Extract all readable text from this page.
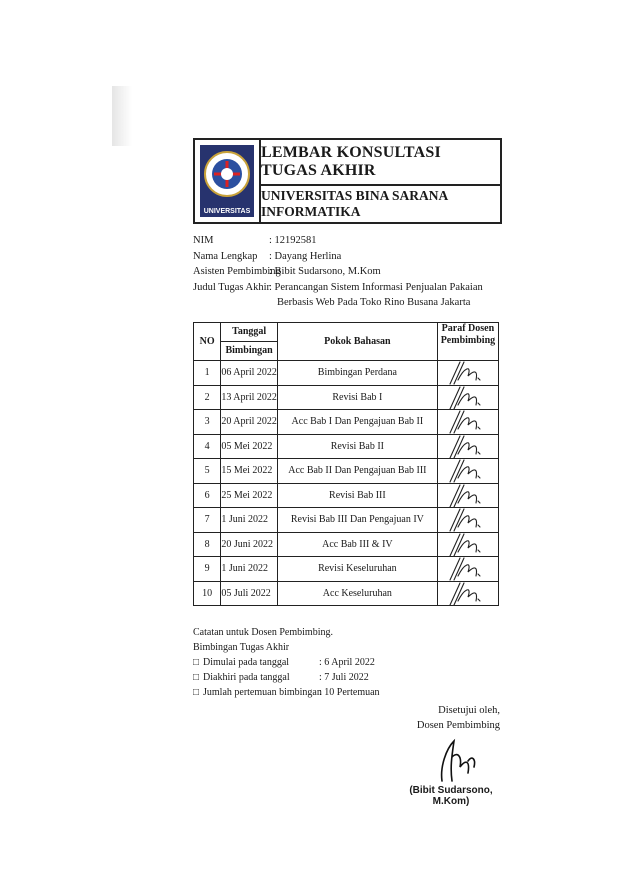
UNIVERSITAS
LEMBAR KONSULTASI TUGAS AKHIR
UNIVERSITAS BINA SARANA INFORMATIKA
NIM	: 12192581
Nama Lengkap	: Dayang Herlina
Asisten Pembimbing
: Bibit Sudarsono, M.Kom
Judul Tugas Akhir
: Perancangan Sistem Informasi Penjualan Pakaian
Berbasis Web Pada Toko Rino Busana Jakarta
NO	Tanggal
Bimbingan	Pokok Bahasan	Paraf Dosen
Pembimbing
1	06 April 2022	Bimbingan Perdana	

2	13 April 2022	Revisi Bab I	

3	20 April 2022	Acc Bab I Dan Pengajuan Bab II	

4	05 Mei 2022	Revisi Bab II	

5	15 Mei 2022	Acc Bab II Dan Pengajuan Bab III	

6	25 Mei 2022	Revisi Bab III	

7	1 Juni 2022	Revisi Bab III Dan Pengajuan IV	

8	20 Juni 2022	Acc Bab III & IV	

9	1 Juni 2022	Revisi Keseluruhan	

10	05 Juli 2022	Acc Keseluruhan	
Catatan untuk Dosen Pembimbing.
Bimbingan Tugas Akhir
□ Dimulai pada tanggal	: 6 April 2022
□ Diakhiri pada tanggal	: 7 Juli 2022
□ Jumlah pertemuan bimbingan
: 10 Pertemuan
Disetujui oleh,
Dosen Pembimbing
(Bibit Sudarsono, M.Kom)
